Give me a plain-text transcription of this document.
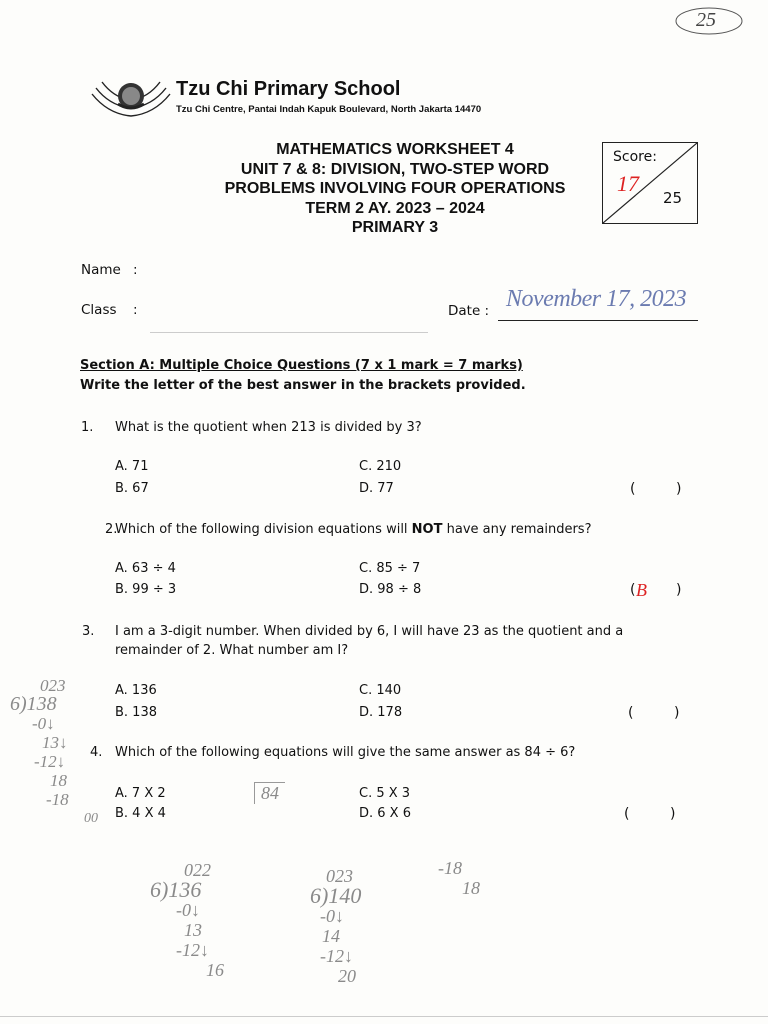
25
Tzu Chi Primary School
Tzu Chi Centre, Pantai Indah Kapuk Boulevard, North Jakarta 14470
MATHEMATICS WORKSHEET 4
UNIT 7 & 8: DIVISION, TWO-STEP WORD
PROBLEMS INVOLVING FOUR OPERATIONS
TERM 2 AY. 2023 – 2024
PRIMARY 3
Score:
17
25
Name :
Class :	Date : November 17, 2023
Section A: Multiple Choice Questions (7 x 1 mark = 7 marks)
Write the letter of the best answer in the brackets provided.
1. What is the quotient when 213 is divided by 3?
A. 71
B. 67
C. 210
D. 77	(	)
2.
Which of the following division equations will NOT have any remainders?
A. 63 ÷ 4
B. 99 ÷ 3
C. 85 ÷ 7
D. 98 ÷ 8	( B )
3. I am a 3-digit number. When divided by 6, I will have 23 as the quotient and a
remainder of 2. What number am I?
A. 136
B. 138
C. 140
D. 178	(	)
4. Which of the following equations will give the same answer as 84 ÷ 6?
A. 7 X 2
B. 4 X 4
C. 5 X 3
D. 6 X 6	(	)
023
6)138
-0↓
13↓
-12↓
18
-18
00
022
6)136
-0↓
13
-12↓
16
023
6)140
-0↓
14
-12↓
20
-18
18
84
